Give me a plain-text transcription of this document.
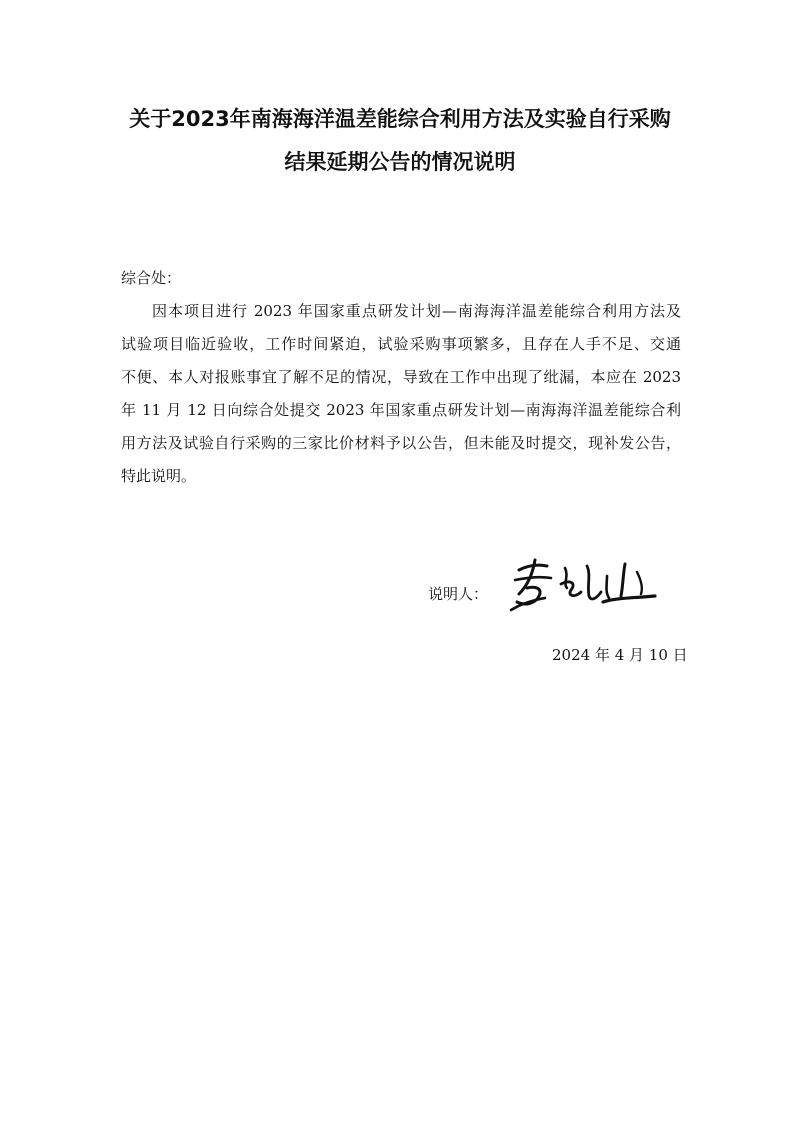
关于2023年南海海洋温差能综合利用方法及实验自行采购
结果延期公告的情况说明
综合处：
因本项目进行 2023 年国家重点研发计划—南海海洋温差能综合利用方法及
试验项目临近验收，工作时间紧迫，试验采购事项繁多，且存在人手不足、交通
不便、本人对报账事宜了解不足的情况，导致在工作中出现了纰漏，本应在 2023
年 11 月 12 日向综合处提交 2023 年国家重点研发计划—南海海洋温差能综合利
用方法及试验自行采购的三家比价材料予以公告，但未能及时提交，现补发公告，
特此说明。
说明人：
2024 年 4 月 10 日
